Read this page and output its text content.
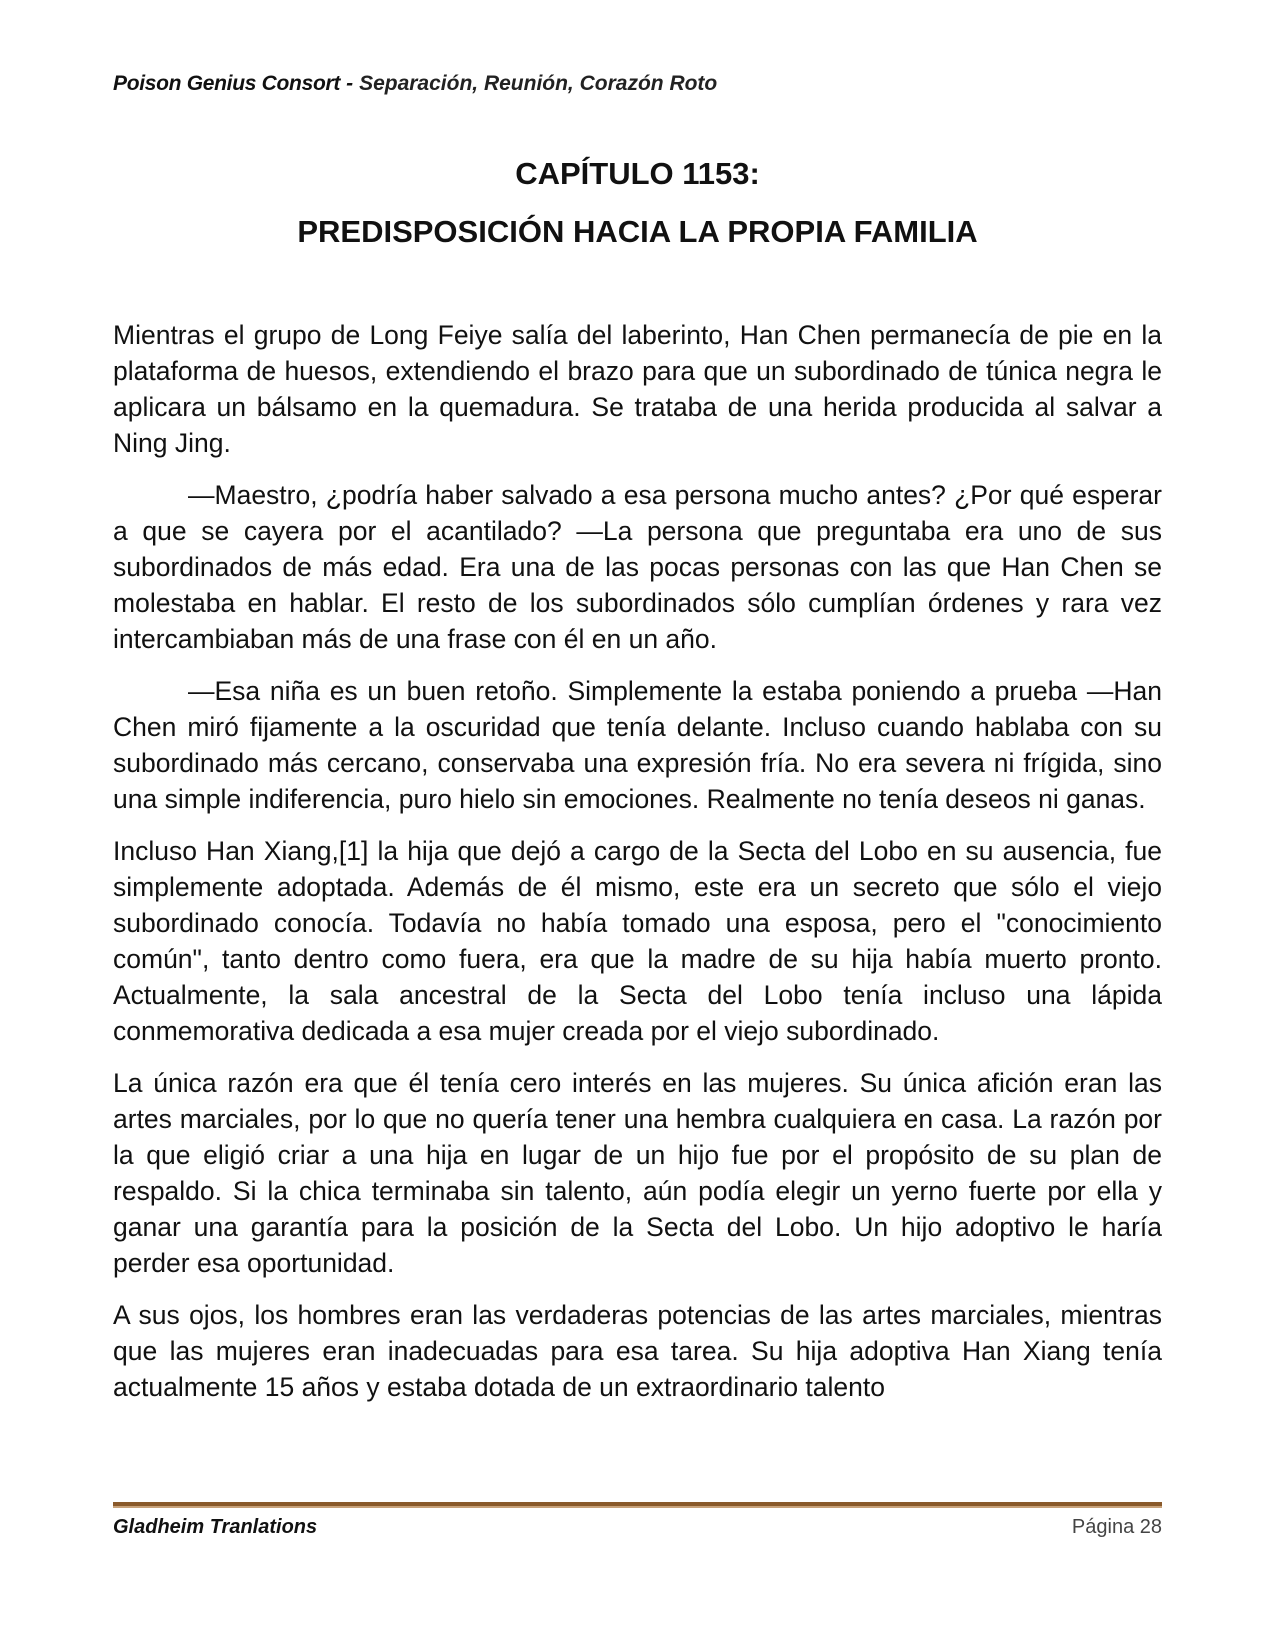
Poison Genius Consort - Separación, Reunión, Corazón Roto
CAPÍTULO 1153:
PREDISPOSICIÓN HACIA LA PROPIA FAMILIA

Mientras el grupo de Long Feiye salía del laberinto, Han Chen permanecía de pie en la plataforma de huesos, extendiendo el brazo para que un subordinado de túnica negra le aplicara un bálsamo en la quemadura. Se trataba de una herida producida al salvar a Ning Jing.

—Maestro, ¿podría haber salvado a esa persona mucho antes? ¿Por qué esperar a que se cayera por el acantilado? —La persona que preguntaba era uno de sus subordinados de más edad. Era una de las pocas personas con las que Han Chen se molestaba en hablar. El resto de los subordinados sólo cumplían órdenes y rara vez intercambiaban más de una frase con él en un año.

—Esa niña es un buen retoño. Simplemente la estaba poniendo a prueba —Han Chen miró fijamente a la oscuridad que tenía delante. Incluso cuando hablaba con su subordinado más cercano, conservaba una expresión fría. No era severa ni frígida, sino una simple indiferencia, puro hielo sin emociones. Realmente no tenía deseos ni ganas.

Incluso Han Xiang,[1] la hija que dejó a cargo de la Secta del Lobo en su ausencia, fue simplemente adoptada. Además de él mismo, este era un secreto que sólo el viejo subordinado conocía. Todavía no había tomado una esposa, pero el "conocimiento común", tanto dentro como fuera, era que la madre de su hija había muerto pronto. Actualmente, la sala ancestral de la Secta del Lobo tenía incluso una lápida conmemorativa dedicada a esa mujer creada por el viejo subordinado.

La única razón era que él tenía cero interés en las mujeres. Su única afición eran las artes marciales, por lo que no quería tener una hembra cualquiera en casa. La razón por la que eligió criar a una hija en lugar de un hijo fue por el propósito de su plan de respaldo. Si la chica terminaba sin talento, aún podía elegir un yerno fuerte por ella y ganar una garantía para la posición de la Secta del Lobo. Un hijo adoptivo le haría perder esa oportunidad.

A sus ojos, los hombres eran las verdaderas potencias de las artes marciales, mientras que las mujeres eran inadecuadas para esa tarea. Su hija adoptiva Han Xiang tenía actualmente 15 años y estaba dotada de un extraordinario talento

Gladheim Tranlations	Página 28
